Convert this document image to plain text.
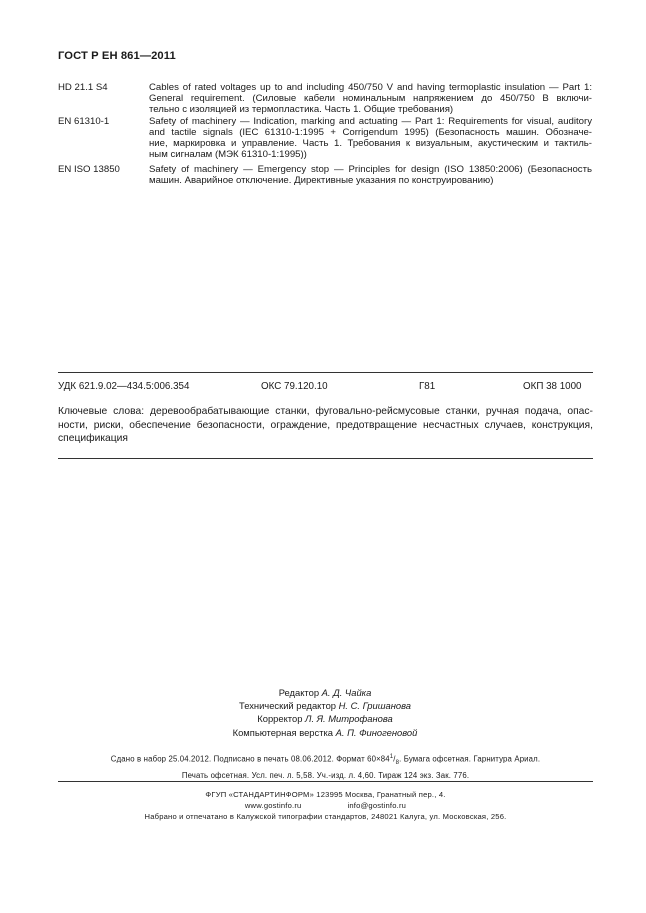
ГОСТ Р ЕН 861—2011
HD 21.1 S4	Cables of rated voltages up to and including 450/750 V and having termoplastic insulation — Part 1:
General requirement. (Силовые кабели номинальным напряжением до 450/750 В включи-
тельно с изоляцией из термопластика. Часть 1. Общие требования)
EN 61310-1	Safety of machinery — Indication, marking and actuating — Part 1: Requirements for visual, auditory
and tactile signals (IEC 61310-1:1995 + Corrigendum 1995) (Безопасность машин. Обозначе-
ние, маркировка и управление. Часть 1. Требования к визуальным, акустическим и тактиль-
ным сигналам (МЭК 61310-1:1995))
EN ISO 13850	Safety of machinery — Emergency stop — Principles for design (ISO 13850:2006) (Безопасность
машин. Аварийное отключение. Директивные указания по конструированию)
УДК 621.9.02—434.5:006.354	ОКС 79.120.10	Г81	ОКП 38 1000
Ключевые слова: деревообрабатывающие станки, фуговально-рейсмусовые станки, ручная подача, опас-
ности, риски, обеспечение безопасности, ограждение, предотвращение несчастных случаев, конструкция,
спецификация
Редактор А. Д. Чайка
Технический редактор Н. С. Гришанова
Корректор Л. Я. Митрофанова
Компьютерная верстка А. П. Финогеновой
Сдано в набор 25.04.2012. Подписано в печать 08.06.2012. Формат $60\times 84^1/_8$. Бумага офсетная. Гарнитура Ариал.
Печать офсетная. Усл. печ. л. 5,58. Уч.-изд. л. 4,60. Тираж 124 экз. Зак. 776.
ФГУП «СТАНДАРТИНФОРМ» 123995 Москва, Гранатный пер., 4.
www.gostinfo.ru	info@gostinfo.ru
Набрано и отпечатано в Калужской типографии стандартов, 248021 Калуга, ул. Московская, 256.
